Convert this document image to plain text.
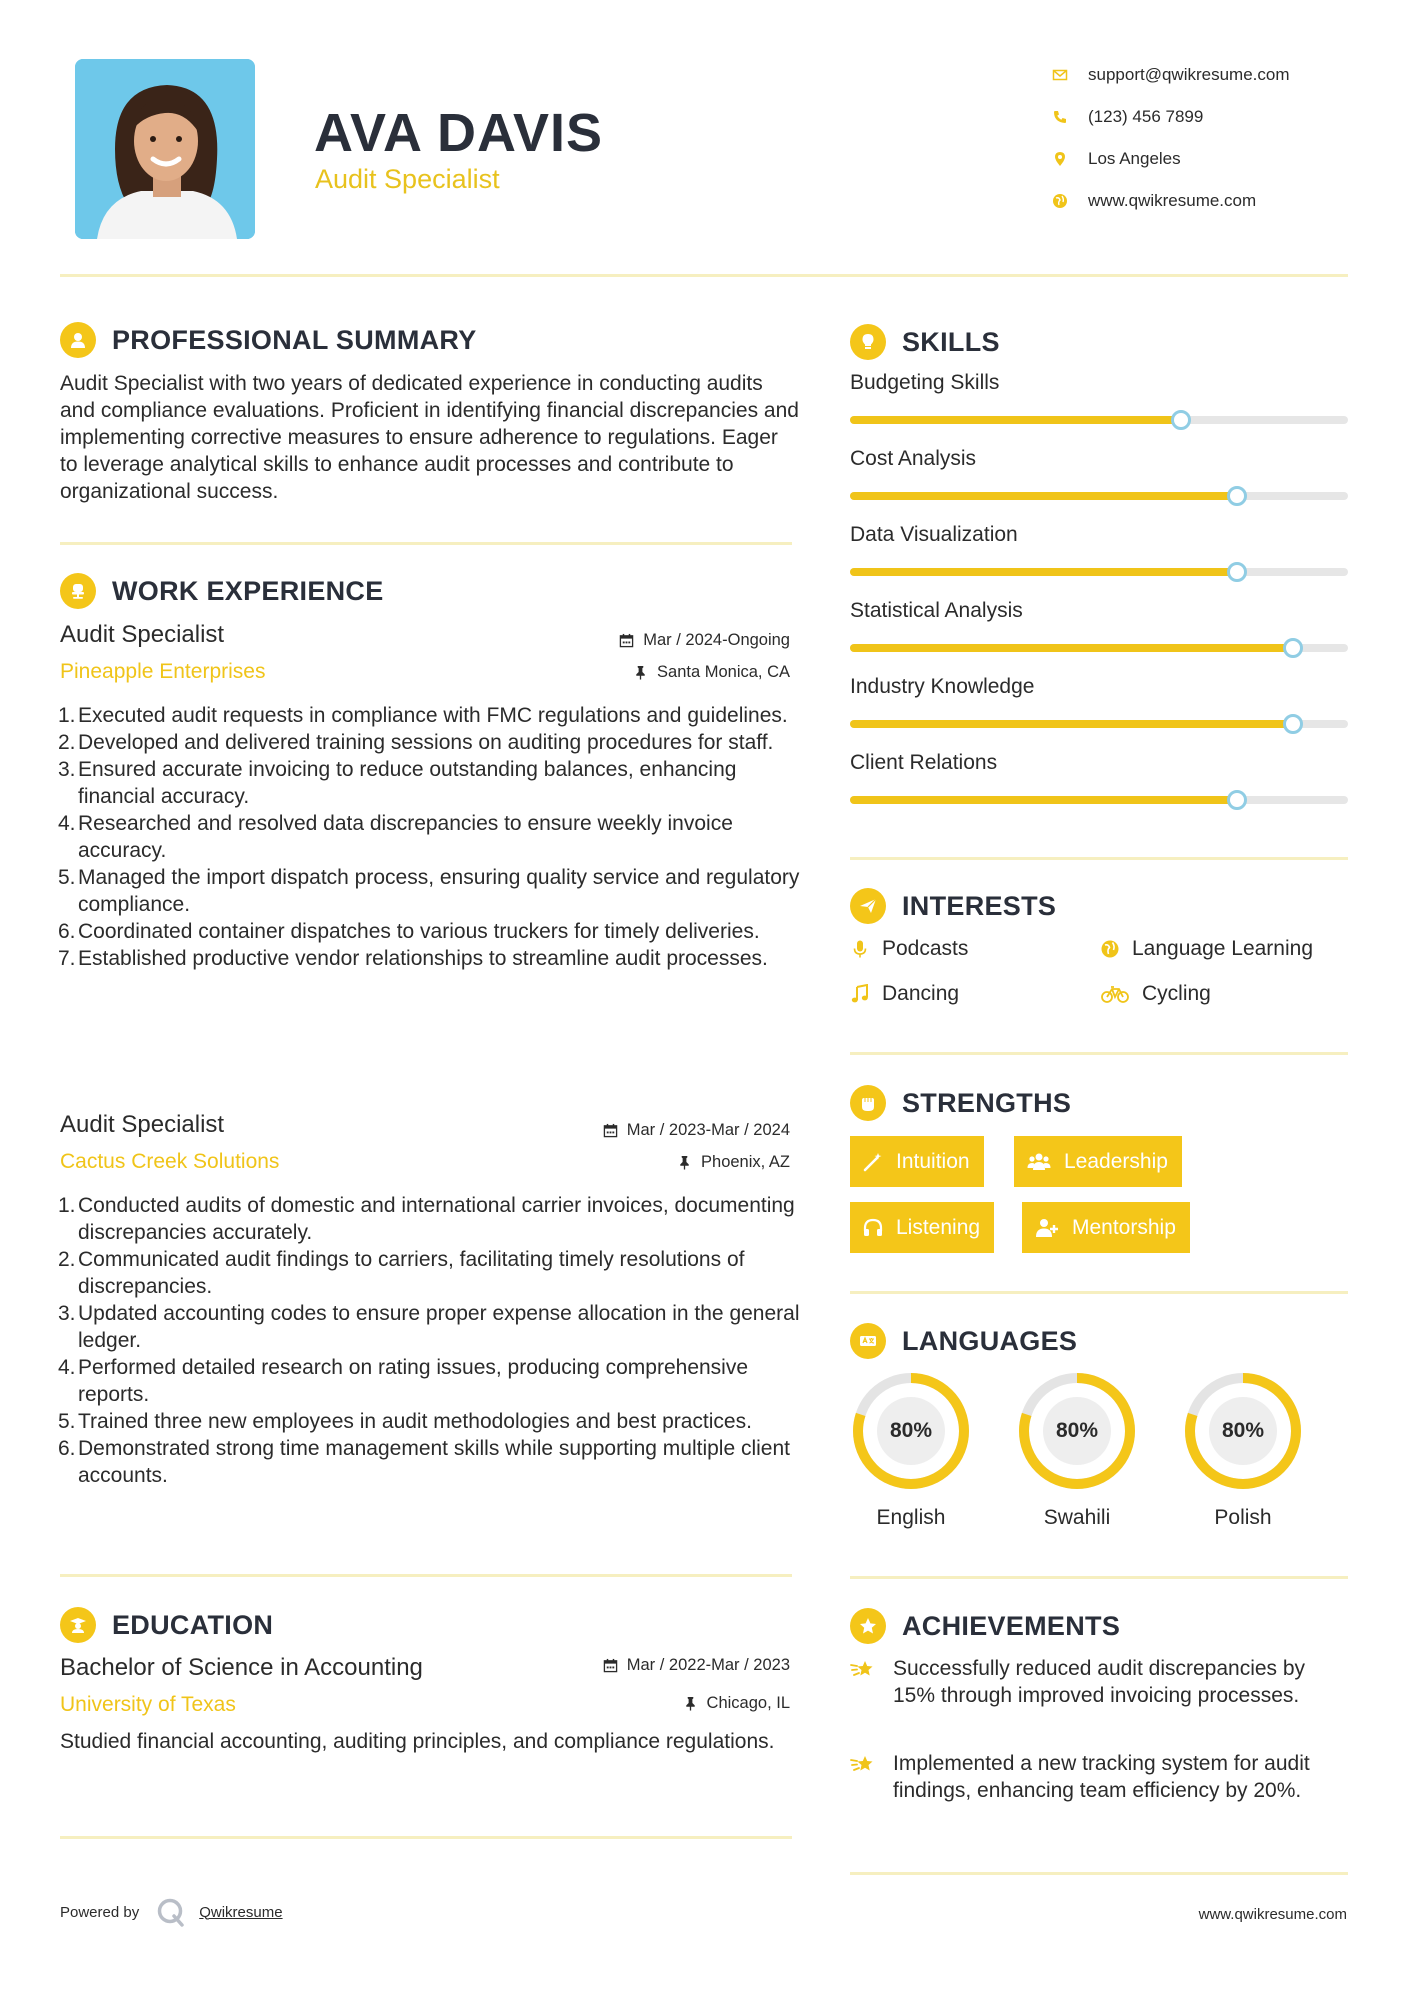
AVA DAVIS
Audit Specialist
support@qwikresume.com
(123) 456 7899
Los Angeles
www.qwikresume.com
PROFESSIONAL SUMMARY
Audit Specialist with two years of dedicated experience in conducting audits and compliance evaluations. Proficient in identifying financial discrepancies and implementing corrective measures to ensure adherence to regulations. Eager to leverage analytical skills to enhance audit processes and contribute to organizational success.
WORK EXPERIENCE
Audit Specialist
Pineapple Enterprises
Mar / 2024-Ongoing
Santa Monica, CA
1. Executed audit requests in compliance with FMC regulations and guidelines.
2. Developed and delivered training sessions on auditing procedures for staff.
3. Ensured accurate invoicing to reduce outstanding balances, enhancing financial accuracy.
4. Researched and resolved data discrepancies to ensure weekly invoice accuracy.
5. Managed the import dispatch process, ensuring quality service and regulatory compliance.
6. Coordinated container dispatches to various truckers for timely deliveries.
7. Established productive vendor relationships to streamline audit processes.
Audit Specialist
Cactus Creek Solutions
Mar / 2023-Mar / 2024
Phoenix, AZ
1. Conducted audits of domestic and international carrier invoices, documenting discrepancies accurately.
2. Communicated audit findings to carriers, facilitating timely resolutions of discrepancies.
3. Updated accounting codes to ensure proper expense allocation in the general ledger.
4. Performed detailed research on rating issues, producing comprehensive reports.
5. Trained three new employees in audit methodologies and best practices.
6. Demonstrated strong time management skills while supporting multiple client accounts.
EDUCATION
Bachelor of Science in Accounting
University of Texas
Mar / 2022-Mar / 2023
Chicago, IL
Studied financial accounting, auditing principles, and compliance regulations.
SKILLS
Budgeting Skills
Cost Analysis
Data Visualization
Statistical Analysis
Industry Knowledge
Client Relations
INTERESTS
Podcasts	Language Learning
Dancing	Cycling
STRENGTHS
Intuition	Leadership
Listening	Mentorship
LANGUAGES
80%
English
80%
Swahili
80%
Polish
ACHIEVEMENTS
Successfully reduced audit discrepancies by 15% through improved invoicing processes.
Implemented a new tracking system for audit findings, enhancing team efficiency by 20%.
Powered by	Qwikresume	www.qwikresume.com
